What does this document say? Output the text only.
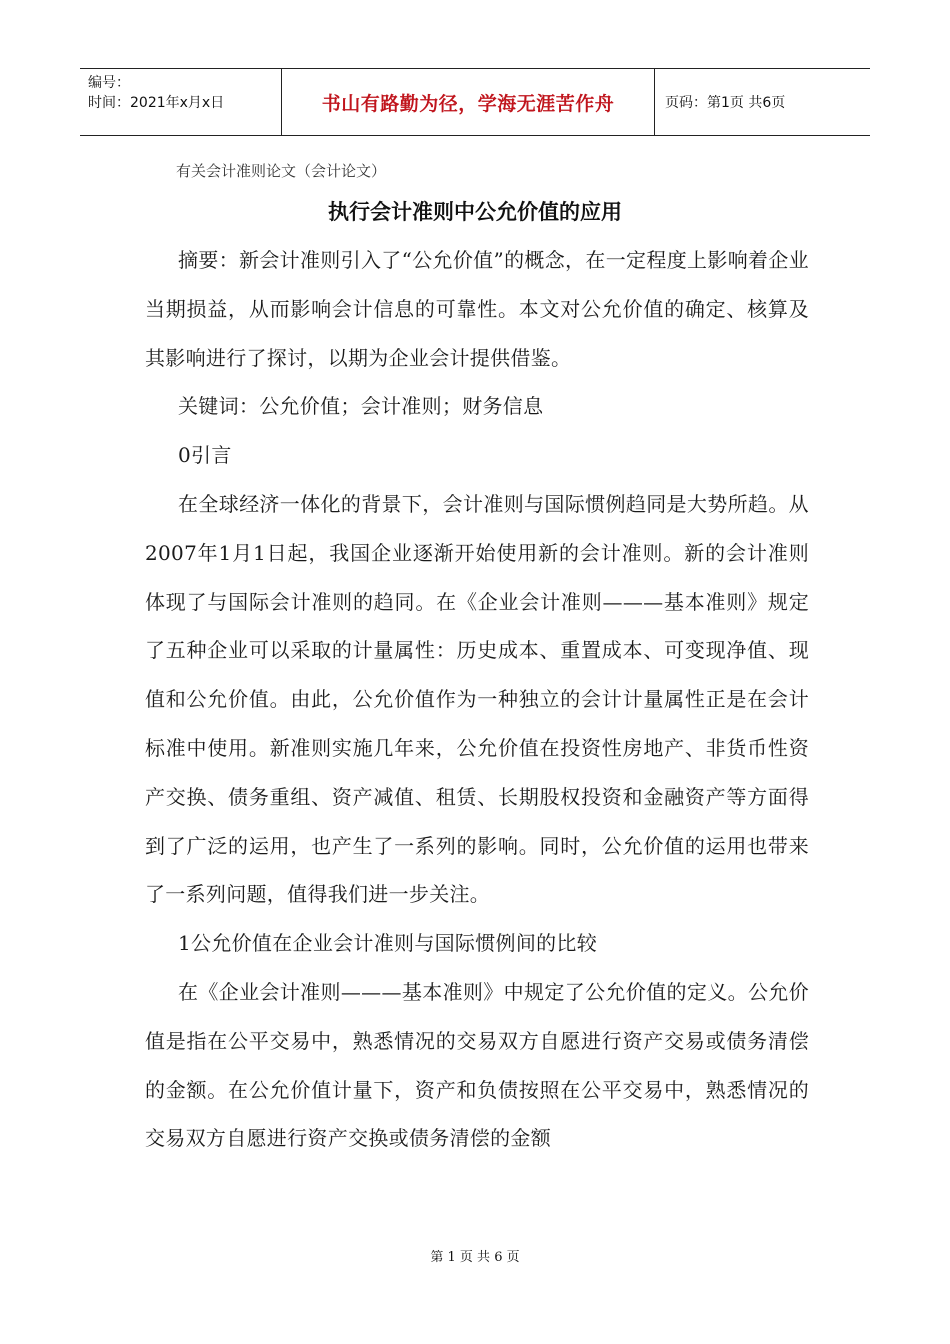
编号：
时间：2021年x月x日	书山有路勤为径，学海无涯苦作舟	页码：第1页 共6页
有关会计准则论文（会计论文）
执行会计准则中公允价值的应用

摘要：新会计准则引入了“公允价值”的概念，在一定程度上影响着企业当期损益，从而影响会计信息的可靠性。本文对公允价值的确定、核算及其影响进行了探讨，以期为企业会计提供借鉴。

关键词：公允价值；会计准则；财务信息

0引言

在全球经济一体化的背景下，会计准则与国际惯例趋同是大势所趋。从2007年1月1日起，我国企业逐渐开始使用新的会计准则。新的会计准则体现了与国际会计准则的趋同。在《企业会计准则———基本准则》规定了五种企业可以采取的计量属性：历史成本、重置成本、可变现净值、现值和公允价值。由此，公允价值作为一种独立的会计计量属性正是在会计标准中使用。新准则实施几年来，公允价值在投资性房地产、非货币性资产交换、债务重组、资产减值、租赁、长期股权投资和金融资产等方面得到了广泛的运用，也产生了一系列的影响。同时，公允价值的运用也带来了一系列问题，值得我们进一步关注。

1公允价值在企业会计准则与国际惯例间的比较

在《企业会计准则———基本准则》中规定了公允价值的定义。公允价值是指在公平交易中，熟悉情况的交易双方自愿进行资产交易或债务清偿的金额。在公允价值计量下，资产和负债按照在公平交易中，熟悉情况的交易双方自愿进行资产交换或债务清偿的金额

第 1 页 共 6 页
